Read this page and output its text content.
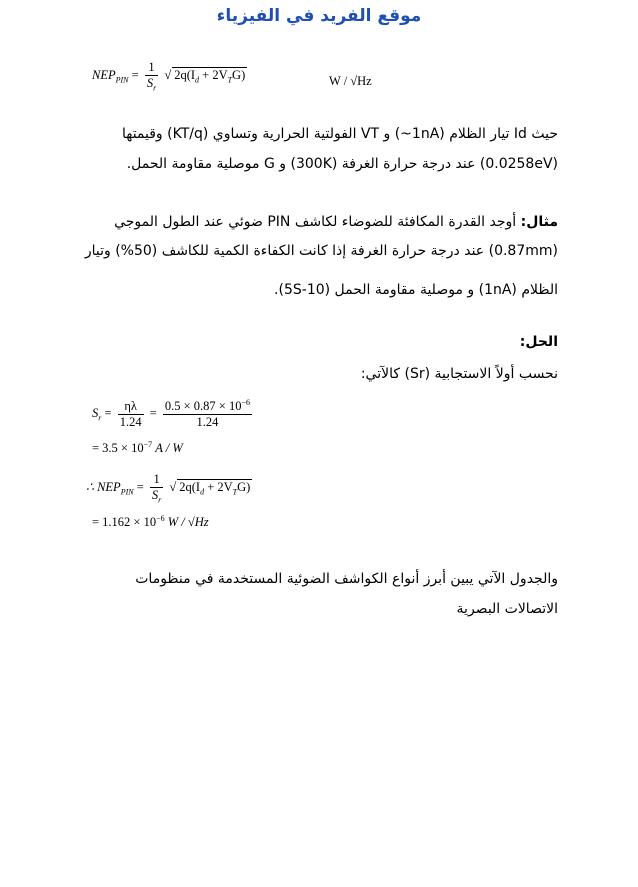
موقع الفريد في الفيزياء
$NEP_{PIN} = \frac{1}{S_r}$ √ $2q(I_d + 2V_TG)$	W / √Hz
حيث Id تيار الظلام (1nA~) و VT الفولتية الحرارية وتساوي (KT/q) وقيمتها
(0.0258eV) عند درجة حرارة الغرفة (300K) و G موصلية مقاومة الحمل.
مثال: أوجد القدرة المكافئة للضوضاء لكاشف PIN ضوئي عند الطول الموجي
(0.87mm) عند درجة حرارة الغرفة إذا كانت الكفاءة الكمية للكاشف (50%) وتيار
الظلام (1nA) و موصلية مقاومة الحمل (10-5S).
الحل:
نحسب أولاً الاستجابية (Sr) كالآتي:
$S_r = \frac{\eta\lambda}{1.24} = \frac{0.5 \times 0.87 \times 10^{-6}}{1.24}$
= $3.5 \times 10^{-7}$ A / W
∴ $NEP_{PIN} = \frac{1}{S_r}$ √ $2q(I_d + 2V_TG)$
= $1.162 \times 10^{-6}$ W / √Hz
والجدول الآتي يبين أبرز أنواع الكواشف الضوئية المستخدمة في منظومات
الاتصالات البصرية
